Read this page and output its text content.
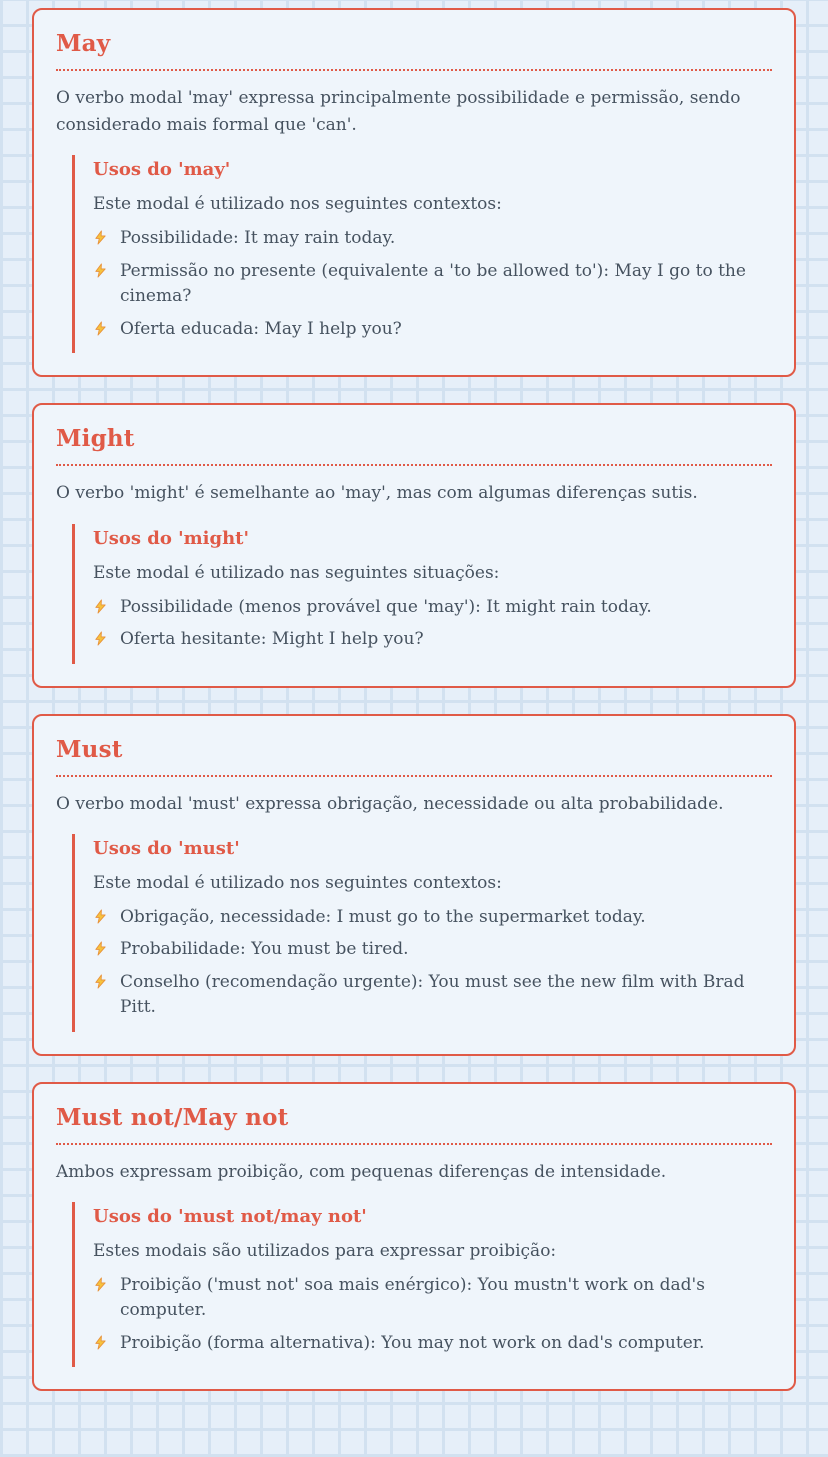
May

O verbo modal 'may' expressa principalmente possibilidade e permissão, sendo considerado mais formal que 'can'.

Usos do 'may'

Este modal é utilizado nos seguintes contextos:

Possibilidade: It may rain today.
Permissão no presente (equivalente a 'to be allowed to'): May I go to the cinema?
Oferta educada: May I help you?
Might

O verbo 'might' é semelhante ao 'may', mas com algumas diferenças sutis.

Usos do 'might'

Este modal é utilizado nas seguintes situações:

Possibilidade (menos provável que 'may'): It might rain today.
Oferta hesitante: Might I help you?
Must

O verbo modal 'must' expressa obrigação, necessidade ou alta probabilidade.

Usos do 'must'

Este modal é utilizado nos seguintes contextos:

Obrigação, necessidade: I must go to the supermarket today.
Probabilidade: You must be tired.
Conselho (recomendação urgente): You must see the new film with Brad Pitt.
Must not/May not

Ambos expressam proibição, com pequenas diferenças de intensidade.

Usos do 'must not/may not'

Estes modais são utilizados para expressar proibição:

Proibição ('must not' soa mais enérgico): You mustn't work on dad's computer.
Proibição (forma alternativa): You may not work on dad's computer.
